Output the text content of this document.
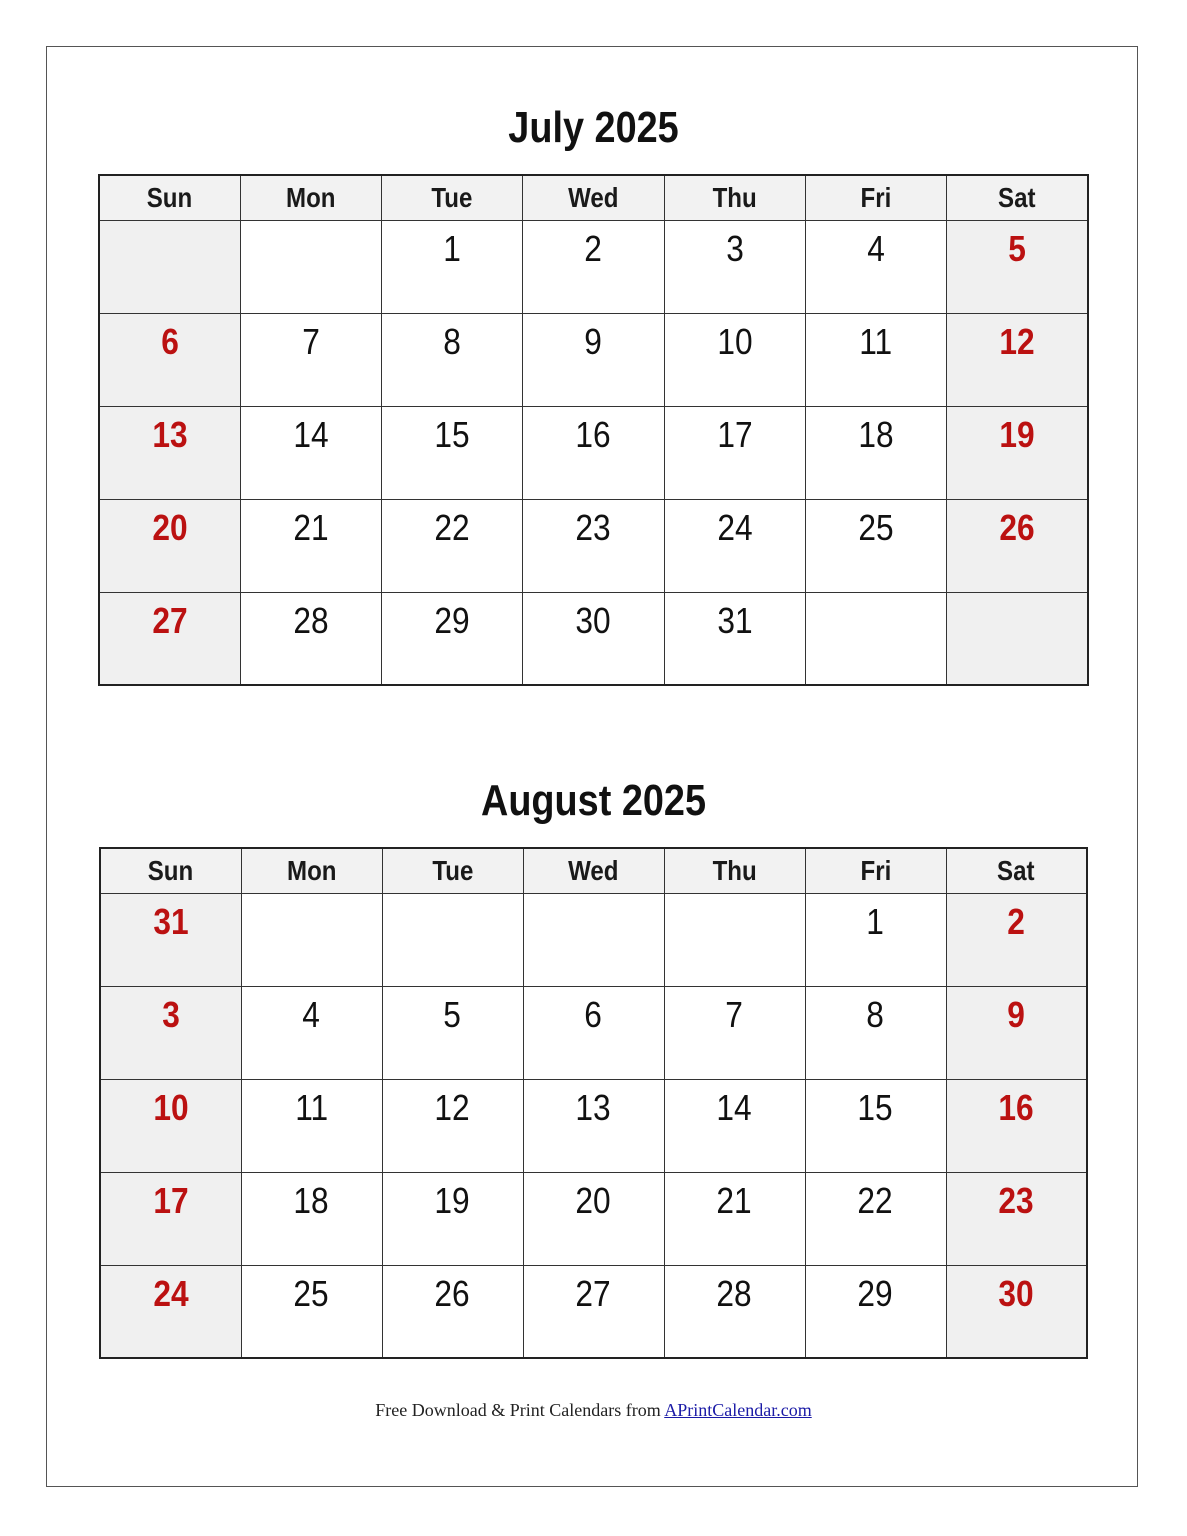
July 2025
Sun	Mon	Tue	Wed	Thu	Fri	Sat
		1	2	3	4	5
6	7	8	9	10	11	12
13	14	15	16	17	18	19
20	21	22	23	24	25	26
27	28	29	30	31		
August 2025
Sun	Mon	Tue	Wed	Thu	Fri	Sat
31					1	2
3	4	5	6	7	8	9
10	11	12	13	14	15	16
17	18	19	20	21	22	23
24	25	26	27	28	29	30
Free Download & Print Calendars from APrintCalendar.com
